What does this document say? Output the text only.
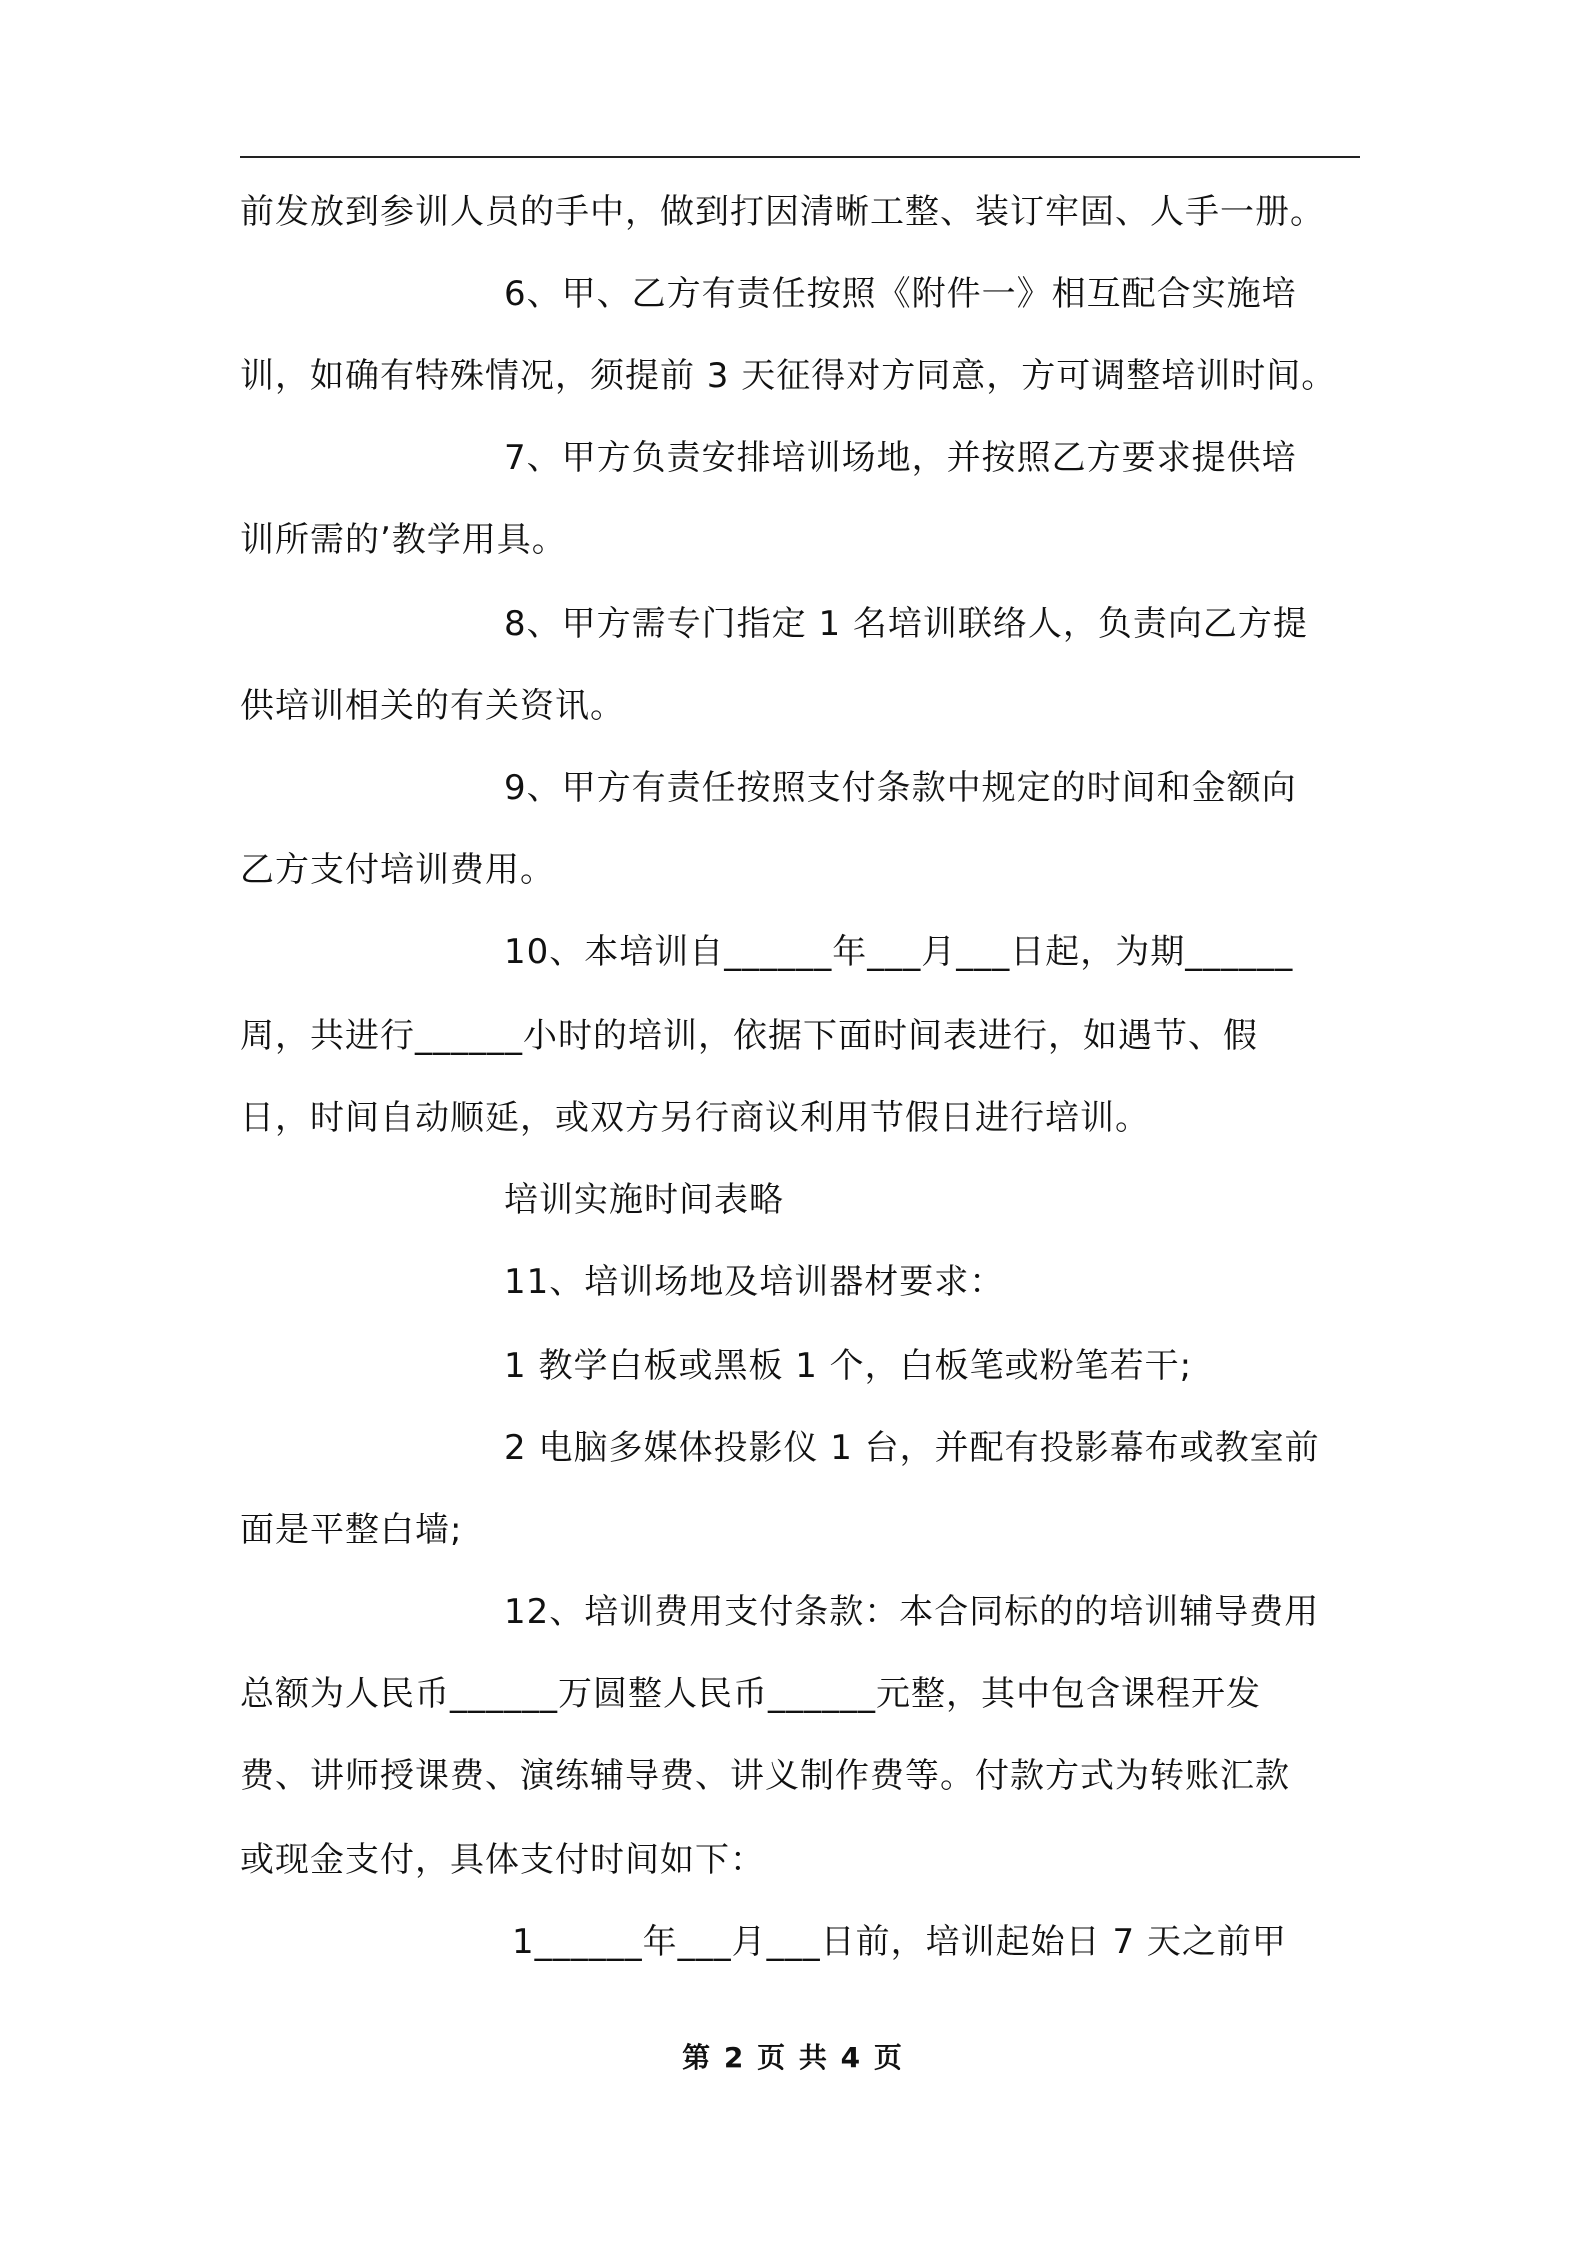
前发放到参训人员的手中，做到打因清晰工整、装订牢固、人手一册。
6、甲、乙方有责任按照《附件一》相互配合实施培
训，如确有特殊情况，须提前 3 天征得对方同意，方可调整培训时间。
7、甲方负责安排培训场地，并按照乙方要求提供培
训所需的’教学用具。
8、甲方需专门指定 1 名培训联络人，负责向乙方提
供培训相关的有关资讯。
9、甲方有责任按照支付条款中规定的时间和金额向
乙方支付培训费用。
10、本培训自______年___月___日起，为期______
周，共进行______小时的培训，依据下面时间表进行，如遇节、假
日，时间自动顺延，或双方另行商议利用节假日进行培训。
培训实施时间表略
11、培训场地及培训器材要求：
1 教学白板或黑板 1 个，白板笔或粉笔若干;
2 电脑多媒体投影仪 1 台，并配有投影幕布或教室前
面是平整白墙;
12、培训费用支付条款：本合同标的的培训辅导费用
总额为人民币______万圆整人民币______元整，其中包含课程开发
费、讲师授课费、演练辅导费、讲义制作费等。付款方式为转账汇款
或现金支付，具体支付时间如下：
1______年___月___日前，培训起始日 7 天之前甲
第 2 页 共 4 页
